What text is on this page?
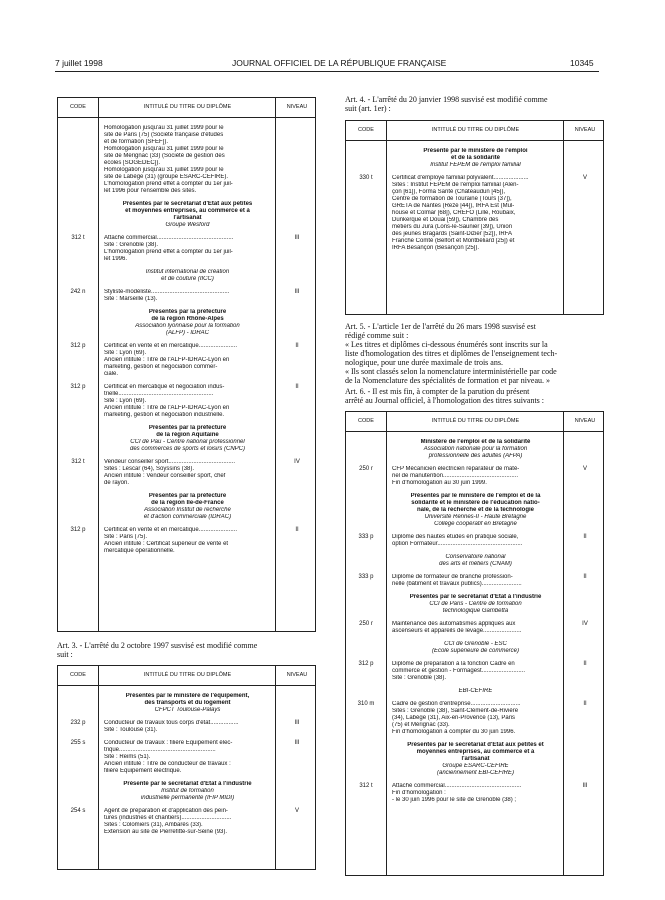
7 juillet 1998	JOURNAL OFFICIEL DE LA RÉPUBLIQUE FRANÇAISE	10345
CODE	INTITULÉ DU TITRE OU DIPLÔME	NIVEAU
Homologation jusqu'au 31 juillet 1999 pour le
site de Paris (75) (Société française d'études
et de formation [SFEF]).
Homologation jusqu'au 31 juillet 1999 pour le
site de Mérignac (33) (Société de gestion des
écoles [SOGEDEC]).
Homologation jusqu'au 31 juillet 1999 pour le
site de Labège (31) (groupe ESARC-CEFIRE).
L'homologation prend effet à compter du 1er juil-
let 1996 pour l'ensemble des sites.
Présentés par le secrétariat d'Etat aux petites
et moyennes entreprises, au commerce et à
l'artisanat
Groupe Wesford
Attaché commercial..............................................
Site : Grenoble (38).
L'homologation prend effet à compter du 1er juil-
let 1996.
312 t	III
Institut international de création
et de couture (IICC)
Styliste-modéliste...............................................
Site : Marseille (13).
242 n	III
Présentés par la préfecture
de la région Rhône-Alpes
Association lyonnaise pour la formation
(ALFP) - IDRAC
Certificat en vente et en mercatique.......................
Site : Lyon (69).
Ancien intitulé : Titre de l'ALFP-IDRAC-Lyon en
marketing, gestion et négociation commer-
ciale.
312 p	II
Certificat en mercatique et négociation indus-
trielle.........................................................
Site : Lyon (69).
Ancien intitulé : Titre de l'ALFP-IDRAC-Lyon en
marketing, gestion et négociation industrielle.
312 p	II
Présentés par la préfecture
de la région Aquitaine
CCI de Pau - Centre national professionnel
des commerces de sports et loisirs (CNPC)
Vendeur conseiller sport........................................
Sites : Lescar (64), Soyssins (38).
Ancien intitulé : Vendeur conseiller sport, chef
de rayon.
312 t	IV
Présentés par la préfecture
de la région Ile-de-France
Association Institut de recherche
et d'action commerciale (IDRAC)
Certificat en vente et en mercatique.......................
Site : Paris (75).
Ancien intitulé : Certificat supérieur de vente et
mercatique opérationnelle.
312 p	II
Art. 3. - L'arrêté du 2 octobre 1997 susvisé est modifié comme
suit :
CODE	INTITULÉ DU TITRE OU DIPLÔME	NIVEAU
Présentés par le ministère de l'équipement,
des transports et du logement
CFPCT Toulouse-Palays
Conducteur de travaux tous corps d'état.................
Site : Toulouse (31).
232 p	III
Conducteur de travaux : filière Equipement élec-
trique..........................................................
Site : Reims (51).
Ancien intitulé : Titre de conducteur de travaux :
filière Equipement électrique.
255 s	III
Présenté par le secrétariat d'Etat à l'industrie
Institut de formation
industrielle permanente (IFIP MIDI)
Agent de préparation et d'application des pein-
tures (industries et chantiers)..............................
Sites : Colomiers (31), Ambarès (33).
Extension au site de Pierrefitte-sur-Seine (93).
254 s	V
Art. 4. - L'arrêté du 20 janvier 1998 susvisé est modifié comme
suit (art. 1er) :
CODE	INTITULÉ DU TITRE OU DIPLÔME	NIVEAU
Présenté par le ministère de l'emploi
et de la solidarité
Institut FEPEM de l'emploi familial
Certificat d'employé familial polyvalent.....................
Sites : Institut FEPEM de l'emploi familial (Alen-
çon [61]), Forma Santé (Châteaudun [45]),
Centre de formation de Touraine (Tours [37]),
GRETA de Nantes (Rezé [44]), IRFA Est (Mul-
house et Colmar [68]), CREFO (Lille, Roubaix,
Dunkerque et Douai [59]), Chambre des
métiers du Jura (Lons-le-Saunier [39]), Union
des jeunes Bragards (Saint-Dizier [52]), IRFA
Franche Comté (Belfort et Montbéliard [25]) et
IRFA Besançon (Besançon [25]).
330 t	V
Art. 5. - L'article 1er de l'arrêté du 26 mars 1998 susvisé est
rédigé comme suit :
« Les titres et diplômes ci-dessous énumérés sont inscrits sur la
liste d'homologation des titres et diplômes de l'enseignement tech-
nologique, pour une durée maximale de trois ans.
« Ils sont classés selon la nomenclature interministérielle par code
de la Nomenclature des spécialités de formation et par niveau. »
Art. 6. - Il est mis fin, à compter de la parution du présent
arrêté au Journal officiel, à l'homologation des titres suivants :
CODE	INTITULÉ DU TITRE OU DIPLÔME	NIVEAU
Ministère de l'emploi et de la solidarité
Association nationale pour la formation
professionnelle des adultes (AFPA)
CFP Mécanicien électricien réparateur de maté-
riel de manutention.............................................
Fin d'homologation au 30 juin 1999.
250 r	V
Présentés par le ministère de l'emploi et de la
solidarité et le ministère de l'éducation natio-
nale, de la recherche et de la technologie
Université Rennes-II - Haute Bretagne
Collège coopératif en Bretagne
Diplôme des hautes études en pratique sociale,
option Formateur...................................................
333 p	II
Conservatoire national
des arts et métiers (CNAM)
Diplôme de formateur de branche profession-
nelle (bâtiment et travaux publics)........................
333 p	II
Présentés par le secrétariat d'Etat à l'industrie
CCI de Paris - Centre de formation
technologique Gambetta
Maintenance des automatismes appliqués aux
ascenseurs et appareils de levage.......................
250 r	IV
CCI de Grenoble - ESC
(Ecole supérieure de commerce)
Diplôme de préparation à la fonction Cadre en
commerce et gestion - Formagest..........................
Site : Grenoble (38).
312 p	II
EBI-CEFIRE
Cadre de gestion d'entreprise..............................
Sites : Grenoble (38), Saint-Clément-de-Rivière
(34), Labège (31), Aix-en-Provence (13), Paris
(75) et Mérignac (33).
Fin d'homologation à compter du 30 juin 1996.
310 m	II
Présentés par le secrétariat d'Etat aux petites et
moyennes entreprises, au commerce et à
l'artisanat
Groupe ESARC-CEFIRE
(anciennement EBI-CEFIRE)
Attaché commercial..............................................
Fin d'homologation :
- le 30 juin 1996 pour le site de Grenoble (38) ;
312 t	III
